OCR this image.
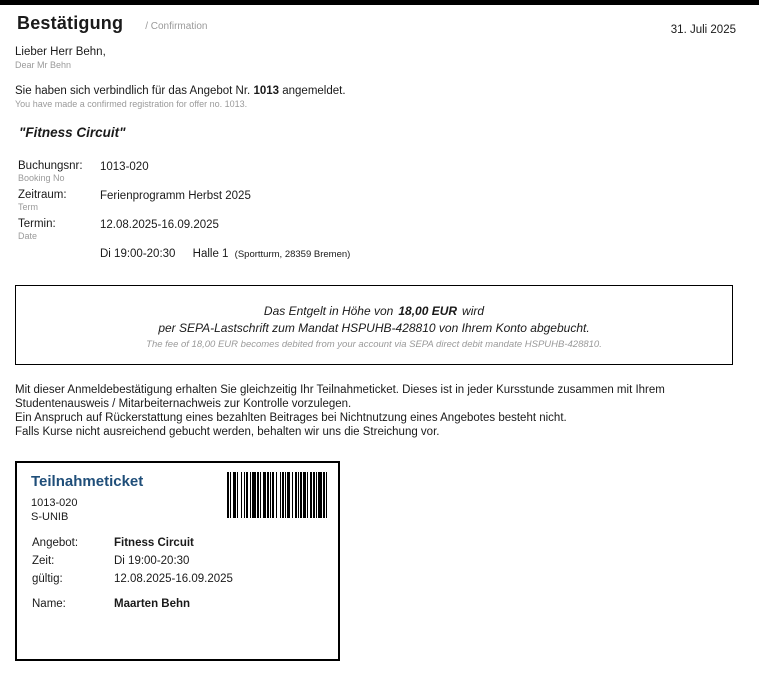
31. Juli 2025
Bestätigung / Confirmation
Lieber Herr Behn,
Dear Mr Behn
Sie haben sich verbindlich für das Angebot Nr. 1013 angemeldet.
You have made a confirmed registration for offer no. 1013.
"Fitness Circuit"
Buchungsnr:
Booking No
1013-020
Zeitraum:
Term
Ferienprogramm Herbst 2025
Termin:
Date
12.08.2025-16.09.2025
Di 19:00-20:30 Halle 1 (Sportturm, 28359 Bremen)
Das Entgelt in Höhe von 18,00 EUR wird
per SEPA-Lastschrift zum Mandat HSPUHB-428810 von Ihrem Konto abgebucht.
The fee of 18,00 EUR becomes debited from your account via SEPA direct debit mandate HSPUHB-428810.

Mit dieser Anmeldebestätigung erhalten Sie gleichzeitig Ihr Teilnahmeticket. Dieses ist in jeder Kursstunde zusammen mit Ihrem Studentenausweis / Mitarbeiternachweis zur Kontrolle vorzulegen.

Ein Anspruch auf Rückerstattung eines bezahlten Beitrages bei Nichtnutzung eines Angebotes besteht nicht.

Falls Kurse nicht ausreichend gebucht werden, behalten wir uns die Streichung vor.

Teilnahmeticket
1013-020
S-UNIB
Angebot:	Fitness Circuit
Zeit:	Di 19:00-20:30
gültig:	12.08.2025-16.09.2025
Name:	Maarten Behn
